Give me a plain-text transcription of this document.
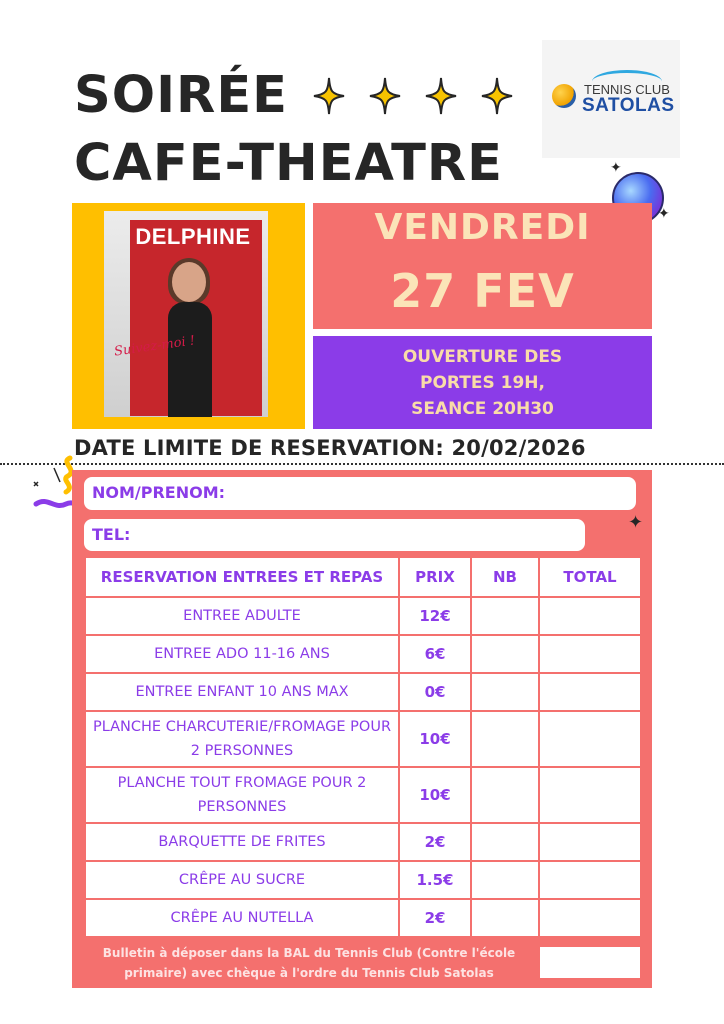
SOIRÉE
CAFE-THEATRE
TENNIS CLUB
SATOLAS
✦
✦
DELPHINE
Suivez-moi !
VENDREDI
27 FEV
OUVERTURE DES
PORTES 19H,
SEANCE 20H30
DATE LIMITE DE RESERVATION: 20/02/2026
NOM/PRENOM:
TEL:
✦
RESERVATION ENTREES ET REPAS	PRIX	NB	TOTAL
ENTREE ADULTE	12€		
ENTREE ADO 11-16 ANS	6€		
ENTREE ENFANT 10 ANS MAX	0€		
PLANCHE CHARCUTERIE/FROMAGE POUR 2 PERSONNES	10€		
PLANCHE TOUT FROMAGE POUR 2 PERSONNES	10€		
BARQUETTE DE FRITES	2€		
CRÊPE AU SUCRE	1.5€		
CRÊPE AU NUTELLA	2€		
Bulletin à déposer dans la BAL du Tennis Club (Contre l'école primaire) avec chèque à l'ordre du Tennis Club Satolas
